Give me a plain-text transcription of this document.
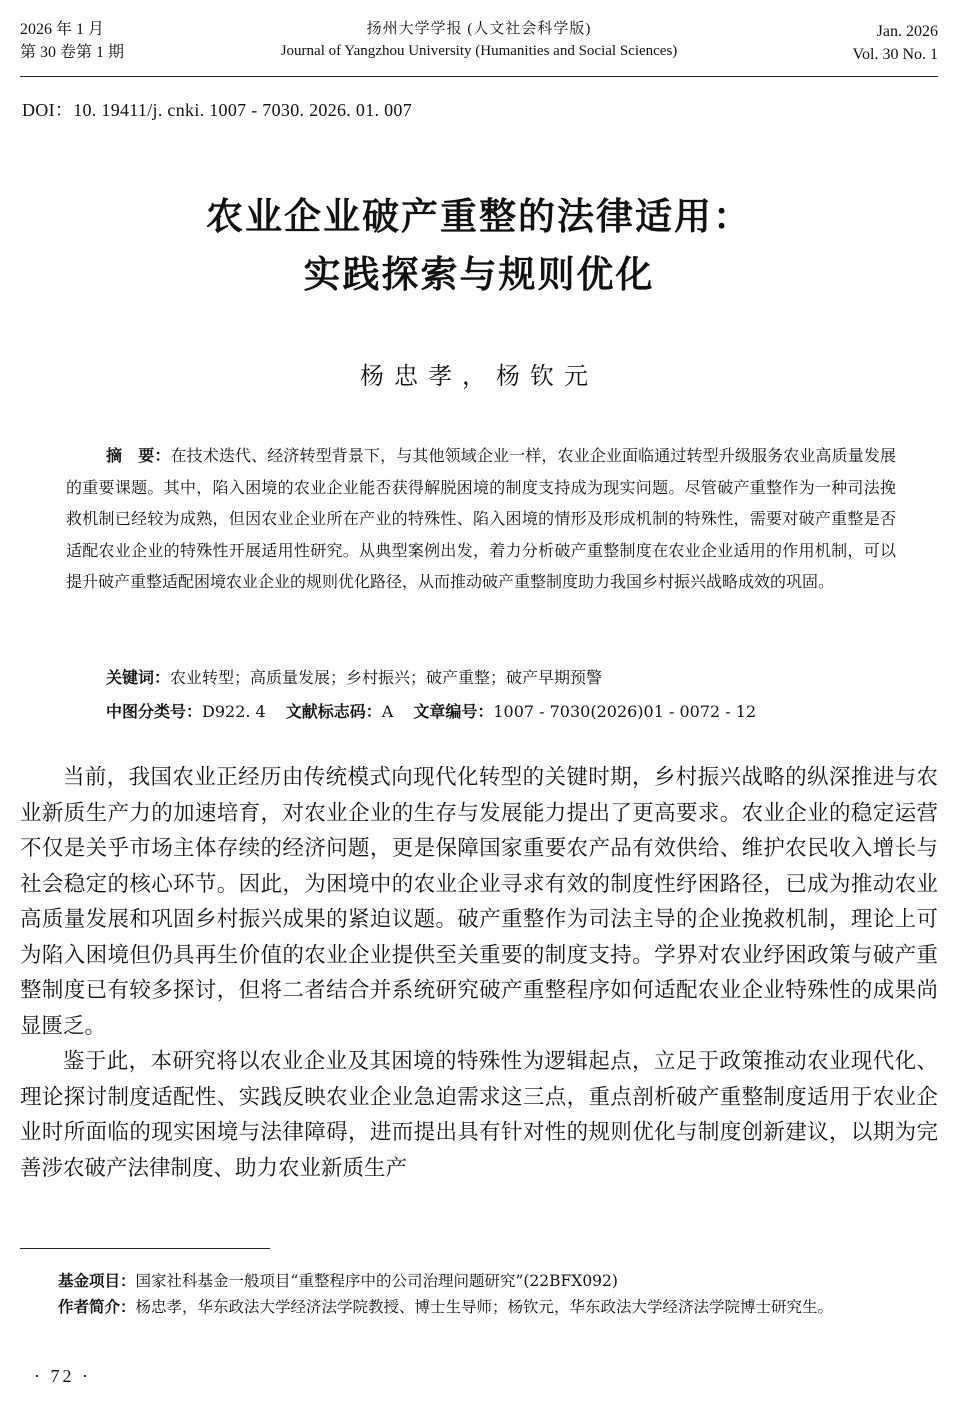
2026 年 1 月
第 30 卷第 1 期
扬州大学学报 (人文社会科学版)
Journal of Yangzhou University (Humanities and Social Sciences)
Jan. 2026
Vol. 30 No. 1
DOI：10. 19411/j. cnki. 1007 - 7030. 2026. 01. 007
农业企业破产重整的法律适用：
实践探索与规则优化
杨忠孝，杨钦元
摘　要：在技术迭代、经济转型背景下，与其他领域企业一样，农业企业面临通过转型升级服务农业高质量发展的重要课题。其中，陷入困境的农业企业能否获得解脱困境的制度支持成为现实问题。尽管破产重整作为一种司法挽救机制已经较为成熟，但因农业企业所在产业的特殊性、陷入困境的情形及形成机制的特殊性，需要对破产重整是否适配农业企业的特殊性开展适用性研究。从典型案例出发，着力分析破产重整制度在农业企业适用的作用机制，可以提升破产重整适配困境农业企业的规则优化路径，从而推动破产重整制度助力我国乡村振兴战略成效的巩固。
关键词：农业转型；高质量发展；乡村振兴；破产重整；破产早期预警
中图分类号：D922. 4 文献标志码：A 文章编号：1007 - 7030(2026)01 - 0072 - 12

当前，我国农业正经历由传统模式向现代化转型的关键时期，乡村振兴战略的纵深推进与农业新质生产力的加速培育，对农业企业的生存与发展能力提出了更高要求。农业企业的稳定运营不仅是关乎市场主体存续的经济问题，更是保障国家重要农产品有效供给、维护农民收入增长与社会稳定的核心环节。因此，为困境中的农业企业寻求有效的制度性纾困路径，已成为推动农业高质量发展和巩固乡村振兴成果的紧迫议题。破产重整作为司法主导的企业挽救机制，理论上可为陷入困境但仍具再生价值的农业企业提供至关重要的制度支持。学界对农业纾困政策与破产重整制度已有较多探讨，但将二者结合并系统研究破产重整程序如何适配农业企业特殊性的成果尚显匮乏。

鉴于此，本研究将以农业企业及其困境的特殊性为逻辑起点，立足于政策推动农业现代化、理论探讨制度适配性、实践反映农业企业急迫需求这三点，重点剖析破产重整制度适用于农业企业时所面临的现实困境与法律障碍，进而提出具有针对性的规则优化与制度创新建议，以期为完善涉农破产法律制度、助力农业新质生产

基金项目： 国家社科基金一般项目“重整程序中的公司治理问题研究”(22BFX092)
作者简介： 杨忠孝，华东政法大学经济法学院教授、博士生导师；杨钦元，华东政法大学经济法学院博士研究生。
· 72 ·
